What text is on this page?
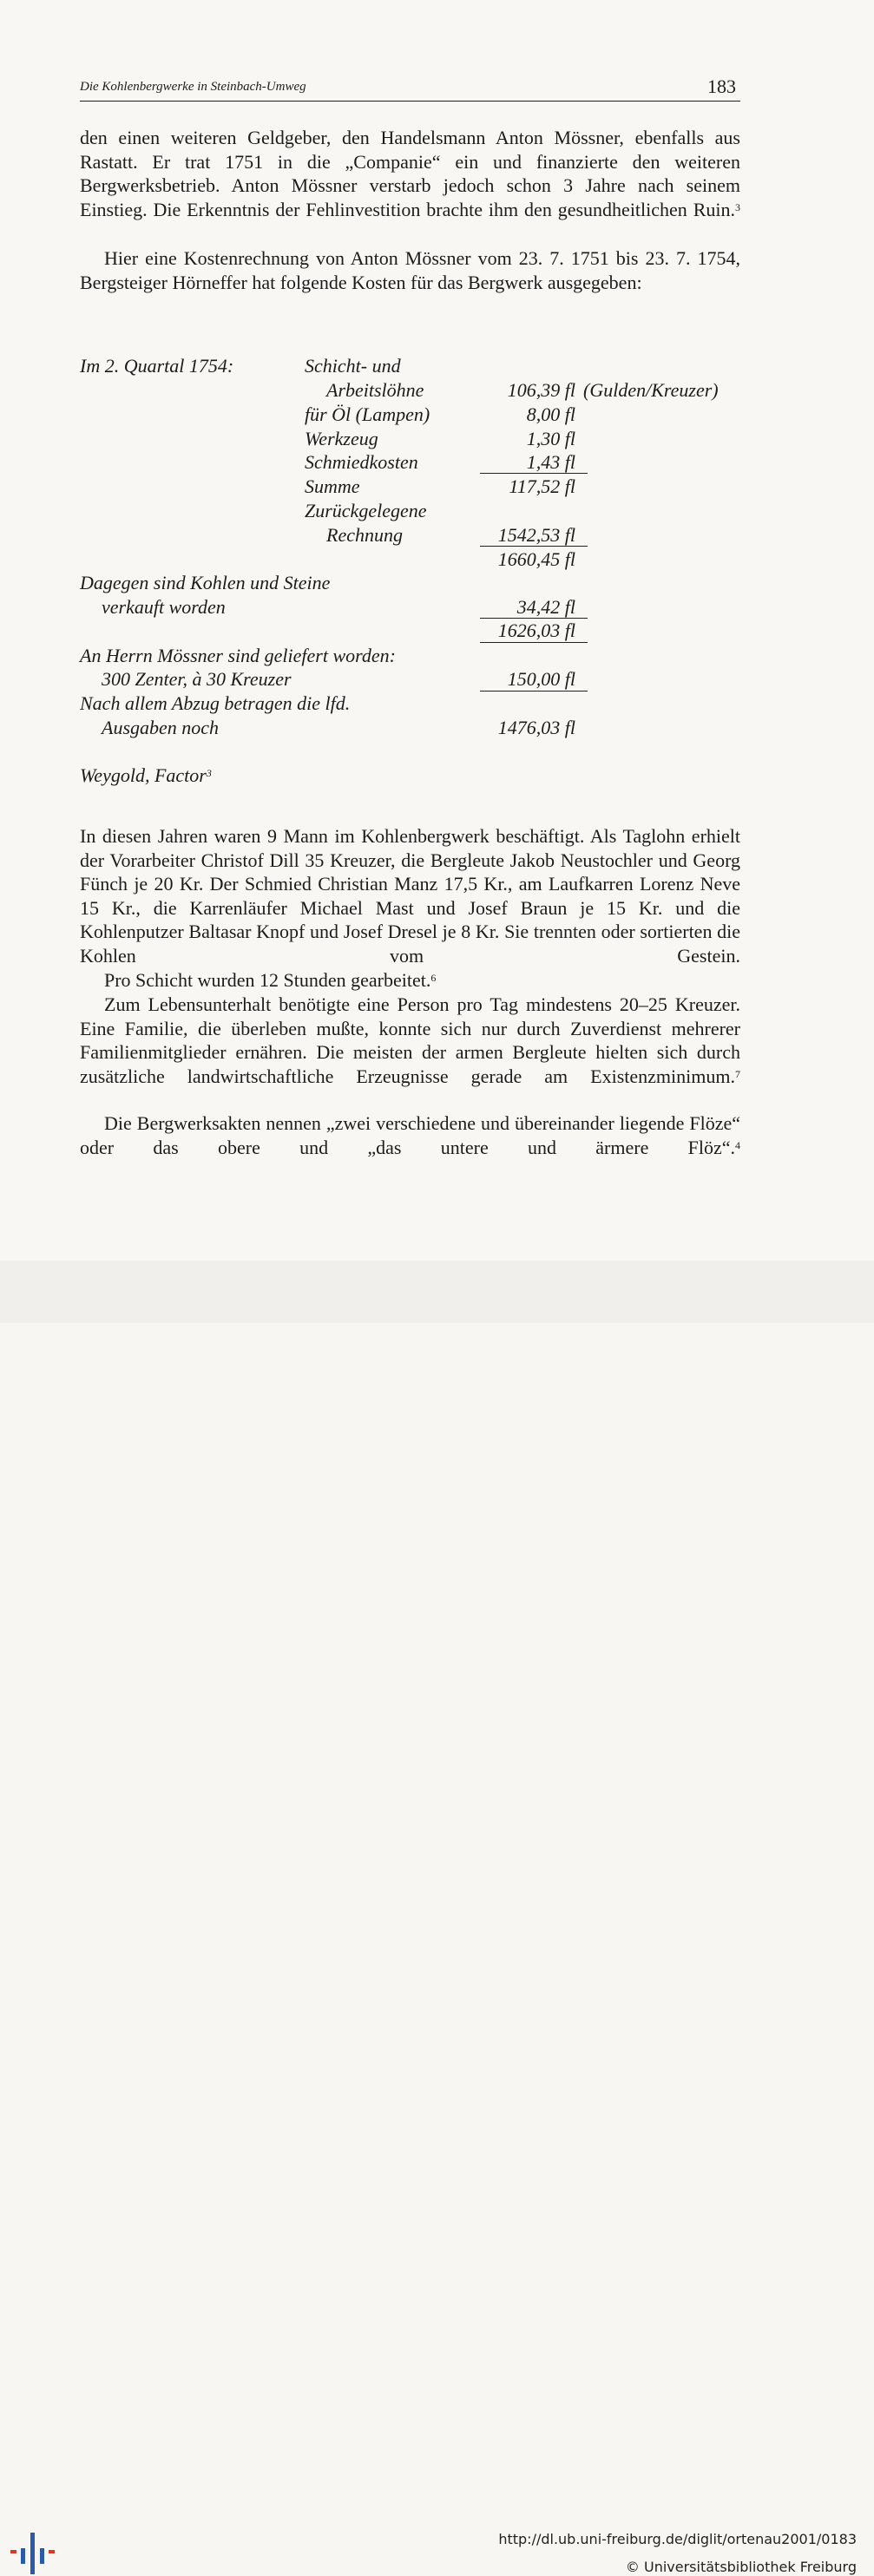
Die Kohlenbergwerke in Steinbach-Umweg	183
den einen weiteren Geldgeber, den Handelsmann Anton Mössner, ebenfalls aus Rastatt. Er trat 1751 in die „Companie“ ein und finanzierte den weiteren Bergwerksbetrieb. Anton Mössner verstarb jedoch schon 3 Jahre nach seinem Einstieg. Die Erkenntnis der Fehlinvestition brachte ihm den gesundheitlichen Ruin.$^3$
Hier eine Kostenrechnung von Anton Mössner vom 23. 7. 1751 bis 23. 7. 1754, Bergsteiger Hörneffer hat folgende Kosten für das Bergwerk ausgegeben:
Im 2. Quartal 1754:	Schicht- und
Arbeitslöhne	106,39 fl (Gulden/Kreuzer)
für Öl (Lampen)	8,00 fl
Werkzeug	1,30 fl
Schmiedkosten	1,43 fl
Summe	117,52 fl
Zurückgelegene
Rechnung	1542,53 fl
1660,45 fl
Dagegen sind Kohlen und Steine
verkauft worden	34,42 fl
1626,03 fl
An Herrn Mössner sind geliefert worden:
300 Zenter, à 30 Kreuzer	150,00 fl
Nach allem Abzug betragen die lfd.
Ausgaben noch	1476,03 fl
Weygold, Factor$^3$
In diesen Jahren waren 9 Mann im Kohlenbergwerk beschäftigt. Als Taglohn erhielt der Vorarbeiter Christof Dill 35 Kreuzer, die Bergleute Jakob Neustochler und Georg Fünch je 20 Kr. Der Schmied Christian Manz 17,5 Kr., am Laufkarren Lorenz Neve 15 Kr., die Karrenläufer Michael Mast und Josef Braun je 15 Kr. und die Kohlenputzer Baltasar Knopf und Josef Dresel je 8 Kr. Sie trennten oder sortierten die Kohlen vom Gestein.
Pro Schicht wurden 12 Stunden gearbeitet.$^6$
Zum Lebensunterhalt benötigte eine Person pro Tag mindestens 20–25 Kreuzer. Eine Familie, die überleben mußte, konnte sich nur durch Zuverdienst mehrerer Familienmitglieder ernähren. Die meisten der armen Bergleute hielten sich durch zusätzliche landwirtschaftliche Erzeugnisse gerade am Existenzminimum.$^7$
Die Bergwerksakten nennen „zwei verschiedene und übereinander liegende Flöze“ oder das obere und „das untere und ärmere Flöz“.$^4$
http://dl.ub.uni-freiburg.de/diglit/ortenau2001/0183
© Universitätsbibliothek Freiburg
